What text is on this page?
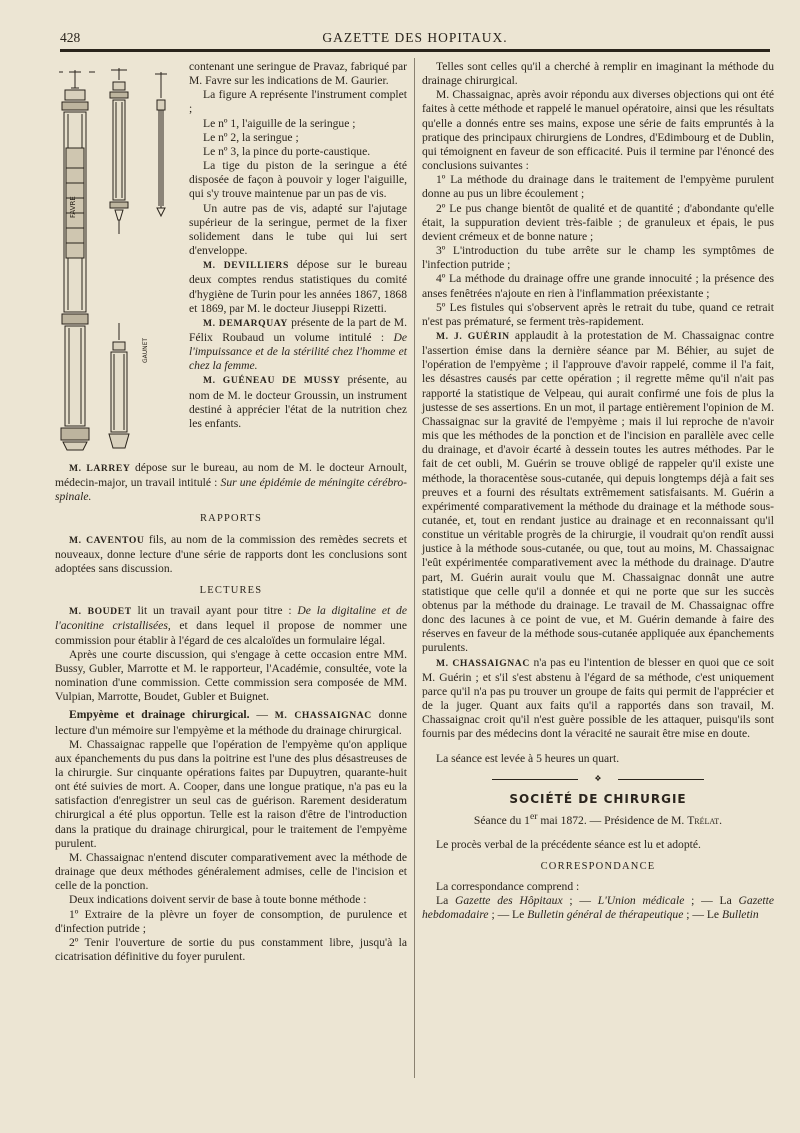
428	GAZETTE DES HOPITAUX.
FAVRE
GAUNET

contenant une seringue de Pravaz, fabriqué par M. Favre sur les indications de M. Gaurier.

La figure A représente l'instrument complet ;

Le nº 1, l'aiguille de la seringue ;

Le nº 2, la seringue ;

Le nº 3, la pince du porte-caustique.

La tige du piston de la seringue a été disposée de façon à pouvoir y loger l'aiguille, qui s'y trouve maintenue par un pas de vis.

Un autre pas de vis, adapté sur l'ajutage supérieur de la seringue, permet de la fixer solidement dans le tube qui lui sert d'enveloppe.

M. DEVILLIERS dépose sur le bureau deux comptes rendus statistiques du comité d'hygiène de Turin pour les années 1867, 1868 et 1869, par M. le docteur Jiuseppi Rizetti.

M. DEMARQUAY présente de la part de M. Félix Roubaud un volume intitulé : De l'impuissance et de la stérilité chez l'homme et chez la femme.

M. GUÉNEAU DE MUSSY présente, au nom de M. le docteur Groussin, un instrument destiné à apprécier l'état de la nutrition chez les enfants.

M. LARREY dépose sur le bureau, au nom de M. le docteur Arnoult, médecin-major, un travail intitulé : Sur une épidémie de méningite cérébro-spinale.

RAPPORTS

M. CAVENTOU fils, au nom de la commission des remèdes secrets et nouveaux, donne lecture d'une série de rapports dont les conclusions sont adoptées sans discussion.

LECTURES

M. BOUDET lit un travail ayant pour titre : De la digitaline et de l'aconitine cristallisées, et dans lequel il propose de nommer une commission pour établir à l'égard de ces alcaloïdes un formulaire légal.

Après une courte discussion, qui s'engage à cette occasion entre MM. Bussy, Gubler, Marrotte et M. le rapporteur, l'Académie, consultée, vote la nomination d'une commission. Cette commission sera composée de MM. Vulpian, Marrotte, Boudet, Gubler et Buignet.

Empyème et drainage chirurgical. — M. CHASSAIGNAC donne lecture d'un mémoire sur l'empyème et la méthode du drainage chirurgical.

M. Chassaignac rappelle que l'opération de l'empyème qu'on applique aux épanchements du pus dans la poitrine est l'une des plus désastreuses de la chirurgie. Sur cinquante opérations faites par Dupuytren, quarante-huit ont été suivies de mort. A. Cooper, dans une longue pratique, n'a pas eu la satisfaction d'enregistrer un seul cas de guérison. Rarement desideratum chirurgical a été plus opportun. Telle est la raison d'être de l'introduction dans la pratique du drainage chirurgical, pour le traitement de l'empyème purulent.

M. Chassaignac n'entend discuter comparativement avec la méthode de drainage que deux méthodes généralement admises, celle de l'incision et celle de la ponction.

Deux indications doivent servir de base à toute bonne méthode :

1º Extraire de la plèvre un foyer de consomption, de purulence et d'infection putride ;

2º Tenir l'ouverture de sortie du pus constamment libre, jusqu'à la cicatrisation définitive du foyer purulent.

Telles sont celles qu'il a cherché à remplir en imaginant la méthode du drainage chirurgical.

M. Chassaignac, après avoir répondu aux diverses objections qui ont été faites à cette méthode et rappelé le manuel opératoire, ainsi que les résultats qu'elle a donnés entre ses mains, expose une série de faits empruntés à la pratique des principaux chirurgiens de Londres, d'Edimbourg et de Dublin, qui témoignent en faveur de son efficacité. Puis il termine par l'énoncé des conclusions suivantes :

1º La méthode du drainage dans le traitement de l'empyème purulent donne au pus un libre écoulement ;

2º Le pus change bientôt de qualité et de quantité ; d'abondante qu'elle était, la suppuration devient très-faible ; de granuleux et épais, le pus devient crémeux et de bonne nature ;

3º L'introduction du tube arrête sur le champ les symptômes de l'infection putride ;

4º La méthode du drainage offre une grande innocuité ; la présence des anses fenêtrées n'ajoute en rien à l'inflammation préexistante ;

5º Les fistules qui s'observent après le retrait du tube, quand ce retrait n'est pas prématuré, se ferment très-rapidement.

M. J. GUÉRIN applaudit à la protestation de M. Chassaignac contre l'assertion émise dans la dernière séance par M. Béhier, au sujet de l'opération de l'empyème ; il l'approuve d'avoir rappelé, comme il l'a fait, les désastres causés par cette opération ; il regrette même qu'il n'ait pas rapporté la statistique de Velpeau, qui aurait confirmé une fois de plus la justesse de ses assertions. En un mot, il partage entièrement l'opinion de M. Chassaignac sur la gravité de l'empyème ; mais il lui reproche de n'avoir mis que les méthodes de la ponction et de l'incision en parallèle avec celle du drainage, et d'avoir écarté à dessein toutes les autres méthodes. Par le fait de cet oubli, M. Guérin se trouve obligé de rappeler qu'il existe une méthode, la thoracentèse sous-cutanée, qui depuis longtemps déjà a fait ses preuves et a fourni des résultats extrêmement satisfaisants. M. Guérin a expérimenté comparativement la méthode du drainage et la méthode sous-cutanée, et, tout en rendant justice au drainage et en reconnaissant qu'il constitue un véritable progrès de la chirurgie, il voudrait qu'on rendît aussi justice à la méthode sous-cutanée, ou que, tout au moins, M. Chassaignac l'eût expérimentée comparativement avec la méthode du drainage. D'autre part, M. Guérin aurait voulu que M. Chassaignac donnât une autre statistique que celle qu'il a donnée et qui ne porte que sur les succès obtenus par la méthode du drainage. Le travail de M. Chassaignac offre donc des lacunes à ce point de vue, et M. Guérin demande à faire des réserves en faveur de la méthode sous-cutanée appliquée aux épanchements purulents.

M. CHASSAIGNAC n'a pas eu l'intention de blesser en quoi que ce soit M. Guérin ; et s'il s'est abstenu à l'égard de sa méthode, c'est uniquement parce qu'il n'a pas pu trouver un groupe de faits qui permit de l'apprécier et de la juger. Quant aux faits qu'il a rapportés dans son travail, M. Chassaignac croit qu'il n'est guère possible de les attaquer, puisqu'ils sont fournis par des médecins dont la véracité ne saurait être mise en doute.

La séance est levée à 5 heures un quart.

❖
SOCIÉTÉ DE CHIRURGIE

Séance du 1er mai 1872. — Présidence de M. Trélat.

Le procès verbal de la précédente séance est lu et adopté.

CORRESPONDANCE

La correspondance comprend :

La Gazette des Hôpitaux ; — L'Union médicale ; — La Gazette hebdomadaire ; — Le Bulletin général de thérapeutique ; — Le Bulletin
